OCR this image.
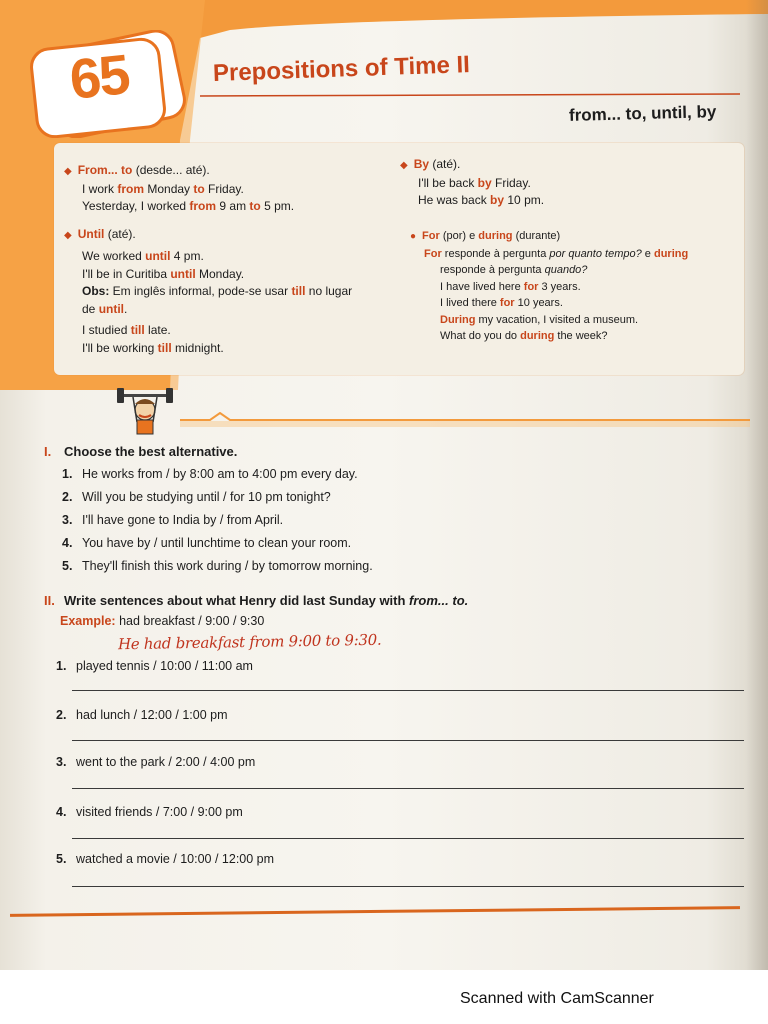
65	Prepositions of Time II
from... to, until, by
◆ From... to (desde... até).
I work from Monday to Friday.
Yesterday, I worked from 9 am to 5 pm.
◆ Until (até).
We worked until 4 pm.
I'll be in Curitiba until Monday.
Obs: Em inglês informal, pode-se usar till no lugar
de until.
I studied till late.
I'll be working till midnight.
◆ By (até).
I'll be back by Friday.
He was back by 10 pm.
● For (por) e during (durante)
For responde à pergunta por quanto tempo? e during
responde à pergunta quando?
I have lived here for 3 years.
I lived there for 10 years.
During my vacation, I visited a museum.
What do you do during the week?
I. Choose the best alternative.
1. He works from / by 8:00 am to 4:00 pm every day.
2. Will you be studying until / for 10 pm tonight?
3. I'll have gone to India by / from April.
4. You have by / until lunchtime to clean your room.
5. They'll finish this work during / by tomorrow morning.
II. Write sentences about what Henry did last Sunday with from... to.
Example: had breakfast / 9:00 / 9:30
He had breakfast from 9:00 to 9:30.
1. played tennis / 10:00 / 11:00 am
2. had lunch / 12:00 / 1:00 pm
3. went to the park / 2:00 / 4:00 pm
4. visited friends / 7:00 / 9:00 pm
5. watched a movie / 10:00 / 12:00 pm
Scanned with CamScanner
